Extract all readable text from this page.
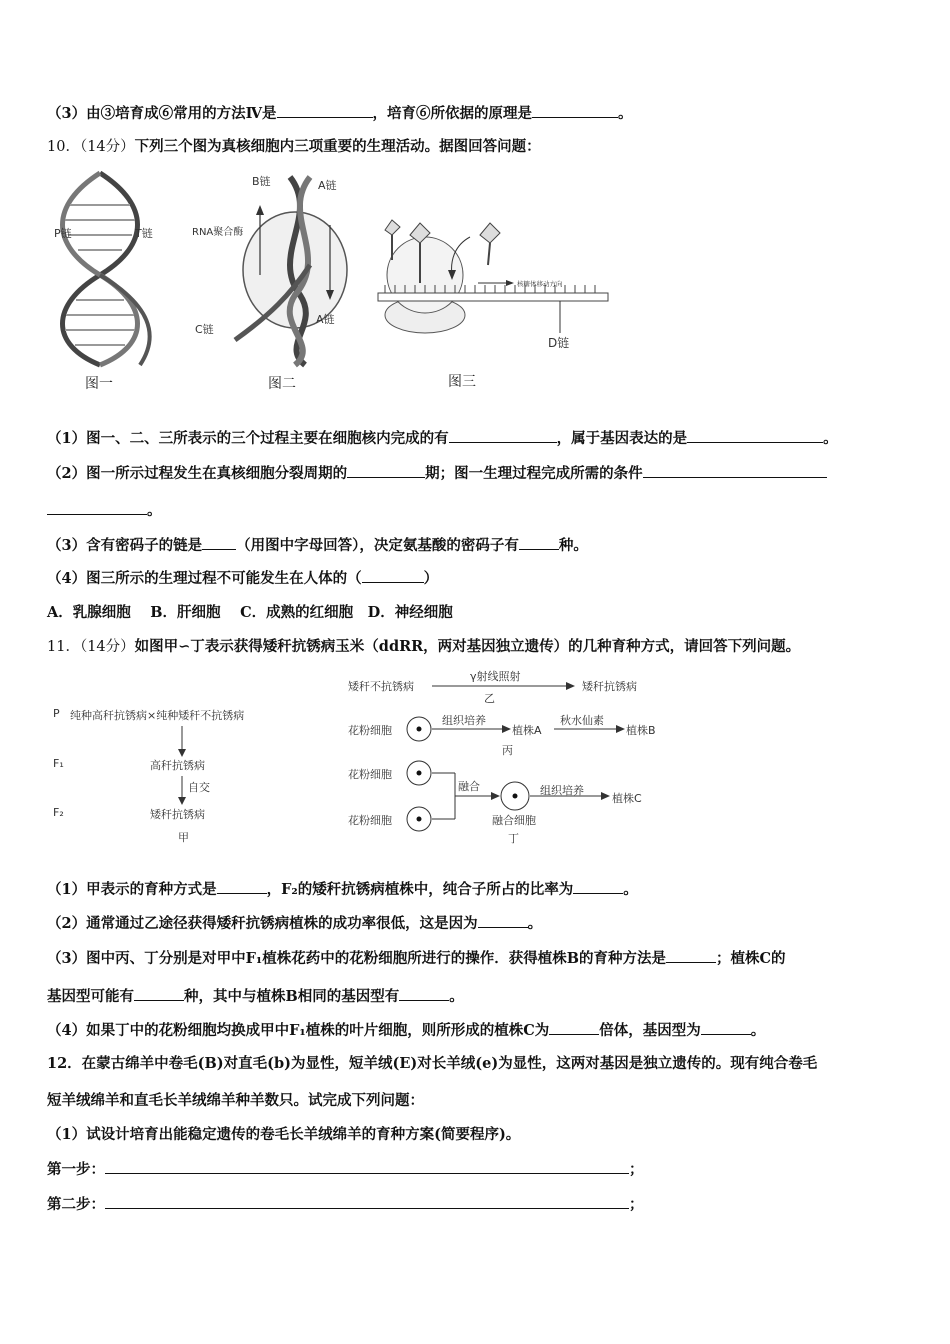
（3）由③培育成⑥常用的方法Ⅳ是	，培育⑥所依据的原理是	。
10．（14分）下列三个图为真核细胞内三项重要的生理活动。据图回答问题：
P链	T链
图一
B链	A链
RNA聚合酶
C链
A链
图二
核糖体移动方向
D链
图三
（1）图一、二、三所表示的三个过程主要在细胞核内完成的有	，属于基因表达的是	。
（2）图一所示过程发生在真核细胞分裂周期的	期；图一生理过程完成所需的条件
。
（3）含有密码子的链是 （用图中字母回答），决定氨基酸的密码子有	种。
（4）图三所示的生理过程不可能发生在人体的（	）
A．乳腺细胞　 B．肝细胞　 C．成熟的红细胞　D．神经细胞
11．（14分）如图甲∽丁表示获得矮秆抗锈病玉米（ddRR，两对基因独立遗传）的几种育种方式，请回答下列问题。
P 纯种高秆抗锈病×纯种矮秆不抗锈病
F₁	高秆抗锈病
自交
F₂	矮秆抗锈病
甲
矮秆不抗锈病
γ射线照射
乙
矮秆抗锈病
花粉细胞
组织培养
植株A
秋水仙素
植株B
丙
花粉细胞
花粉细胞
融合	组织培养
植株C
融合细胞
丁
（1）甲表示的育种方式是	，F₂的矮秆抗锈病植株中，纯合子所占的比率为	。
（2）通常通过乙途径获得矮秆抗锈病植株的成功率很低，这是因为	。
（3）图中丙、丁分别是对甲中F₁植株花药中的花粉细胞所进行的操作．获得植株B的育种方法是	；植株C的
基因型可能有	种，其中与植株B相同的基因型有	。
（4）如果丁中的花粉细胞均换成甲中F₁植株的叶片细胞，则所形成的植株C为	倍体，基因型为	。
12．在蒙古绵羊中卷毛(B)对直毛(b)为显性，短羊绒(E)对长羊绒(e)为显性，这两对基因是独立遗传的。现有纯合卷毛
短羊绒绵羊和直毛长羊绒绵羊种羊数只。试完成下列问题：
（1）试设计培育出能稳定遗传的卷毛长羊绒绵羊的育种方案(简要程序)。
第一步：	；
第二步：	；
